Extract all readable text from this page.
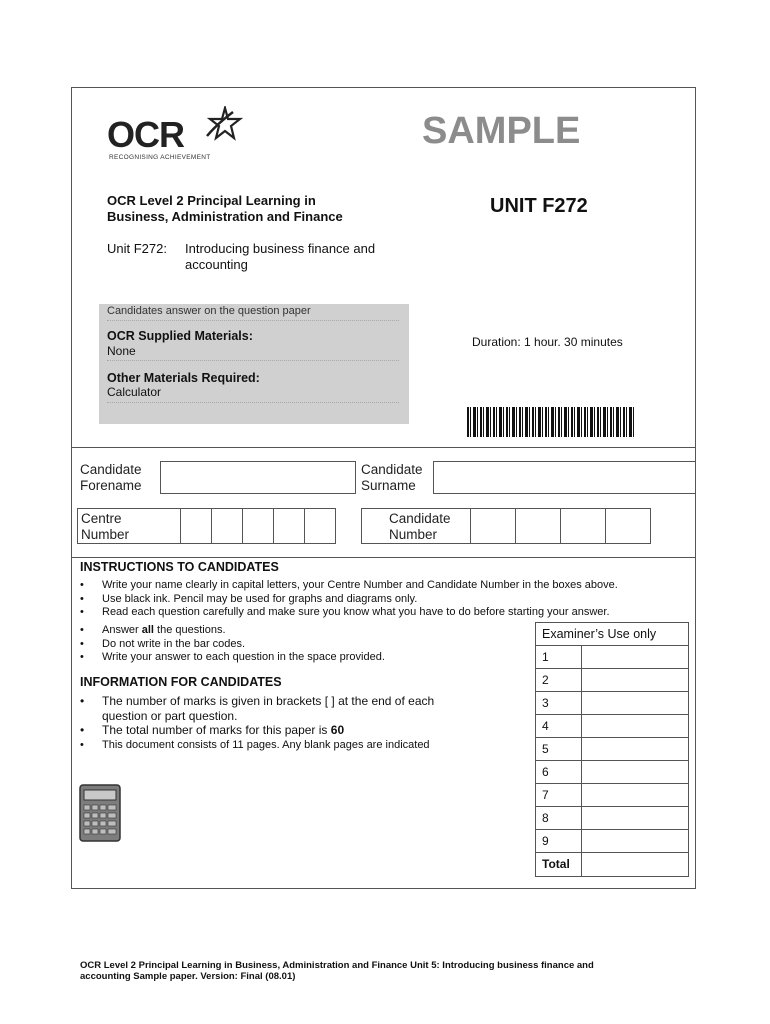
OCR
RECOGNISING ACHIEVEMENT
SAMPLE
OCR Level 2 Principal Learning in
Business, Administration and Finance	UNIT F272
Unit F272: Introducing business finance and
accounting
Candidates answer on the question paper
OCR Supplied Materials:
None
Other Materials Required:
Calculator
Duration: 1 hour. 30 minutes
Candidate
Forename
Candidate
Surname
Centre
Number
Candidate
Number
INSTRUCTIONS TO CANDIDATES
• Write your name clearly in capital letters, your Centre Number and Candidate Number in the boxes above.
• Use black ink. Pencil may be used for graphs and diagrams only.
• Read each question carefully and make sure you know what you have to do before starting your answer.
• Answer all the questions.
• Do not write in the bar codes.
• Write your answer to each question in the space provided.
INFORMATION FOR CANDIDATES
• The number of marks is given in brackets [ ] at the end of each
question or part question.
• The total number of marks for this paper is 60
• This document consists of 11 pages. Any blank pages are indicated
Examiner’s Use only
1
2
3
4
5
6
7
8
9
Total
OCR Level 2 Principal Learning in Business, Administration and Finance Unit 5: Introducing business finance and
accounting Sample paper. Version: Final (08.01)
